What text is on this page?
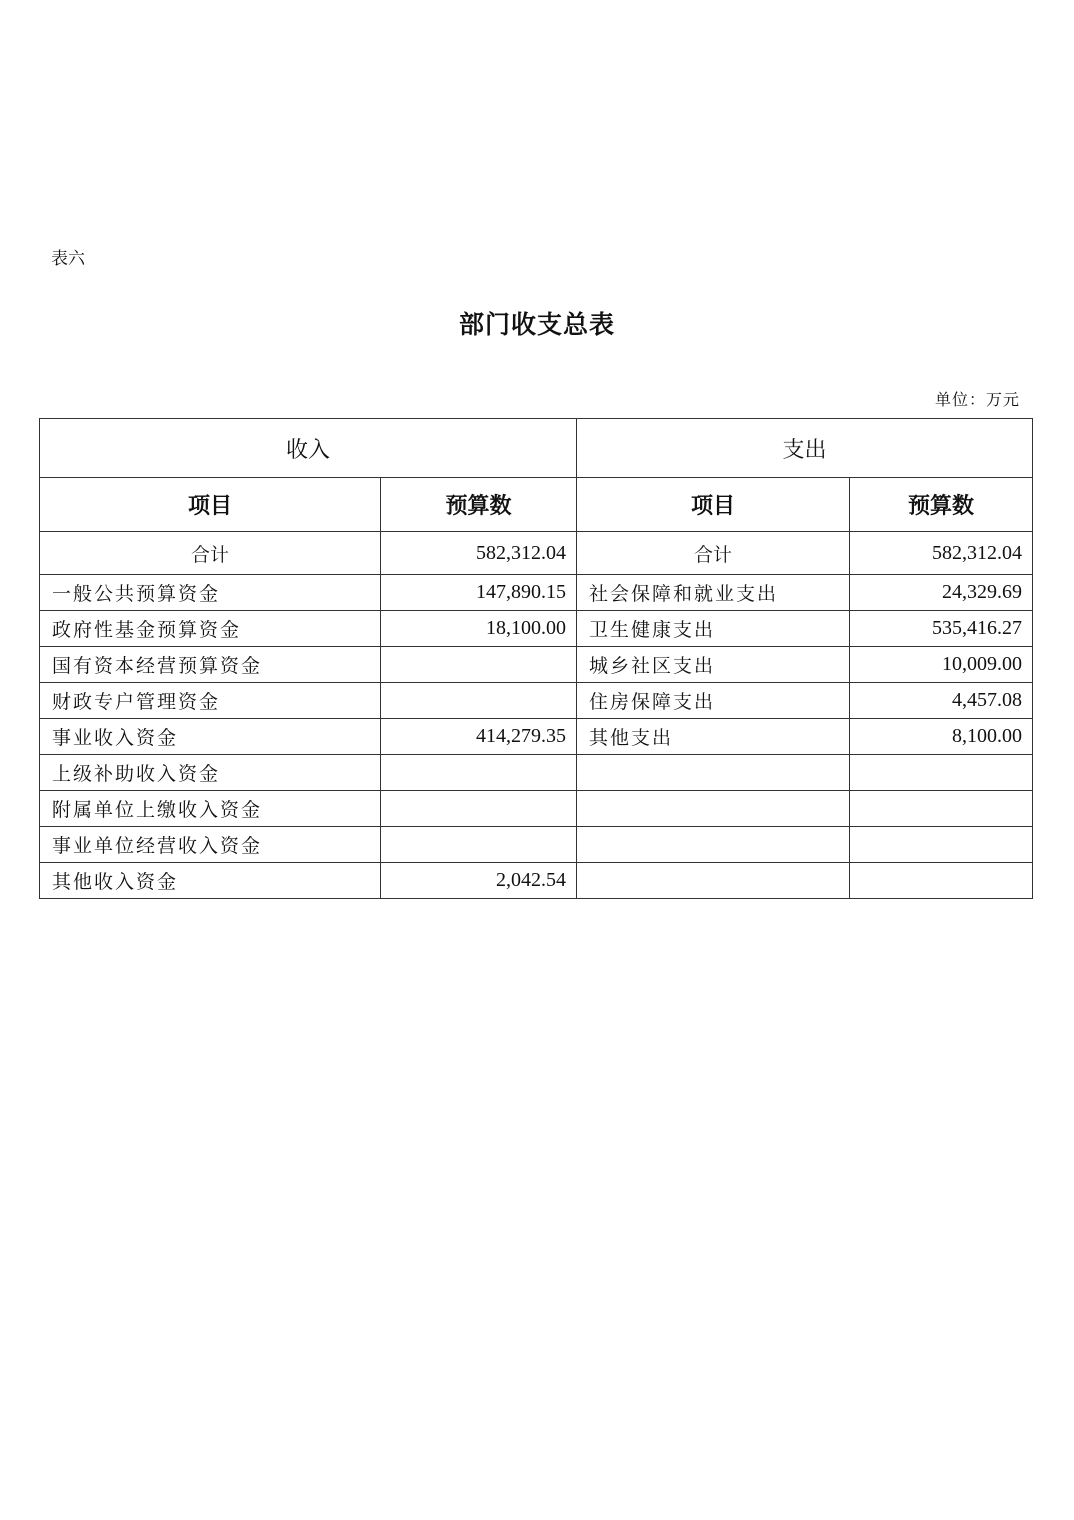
表六
部门收支总表
单位：万元
收入		支出	
项目	预算数	项目	预算数
合计	582,312.04	合计	582,312.04
一般公共预算资金	147,890.15	社会保障和就业支出	24,329.69
政府性基金预算资金	18,100.00	卫生健康支出	535,416.27
国有资本经营预算资金		城乡社区支出	10,009.00
财政专户管理资金		住房保障支出	4,457.08
事业收入资金	414,279.35	其他支出	8,100.00
上级补助收入资金			
附属单位上缴收入资金			
事业单位经营收入资金			
其他收入资金	2,042.54		
